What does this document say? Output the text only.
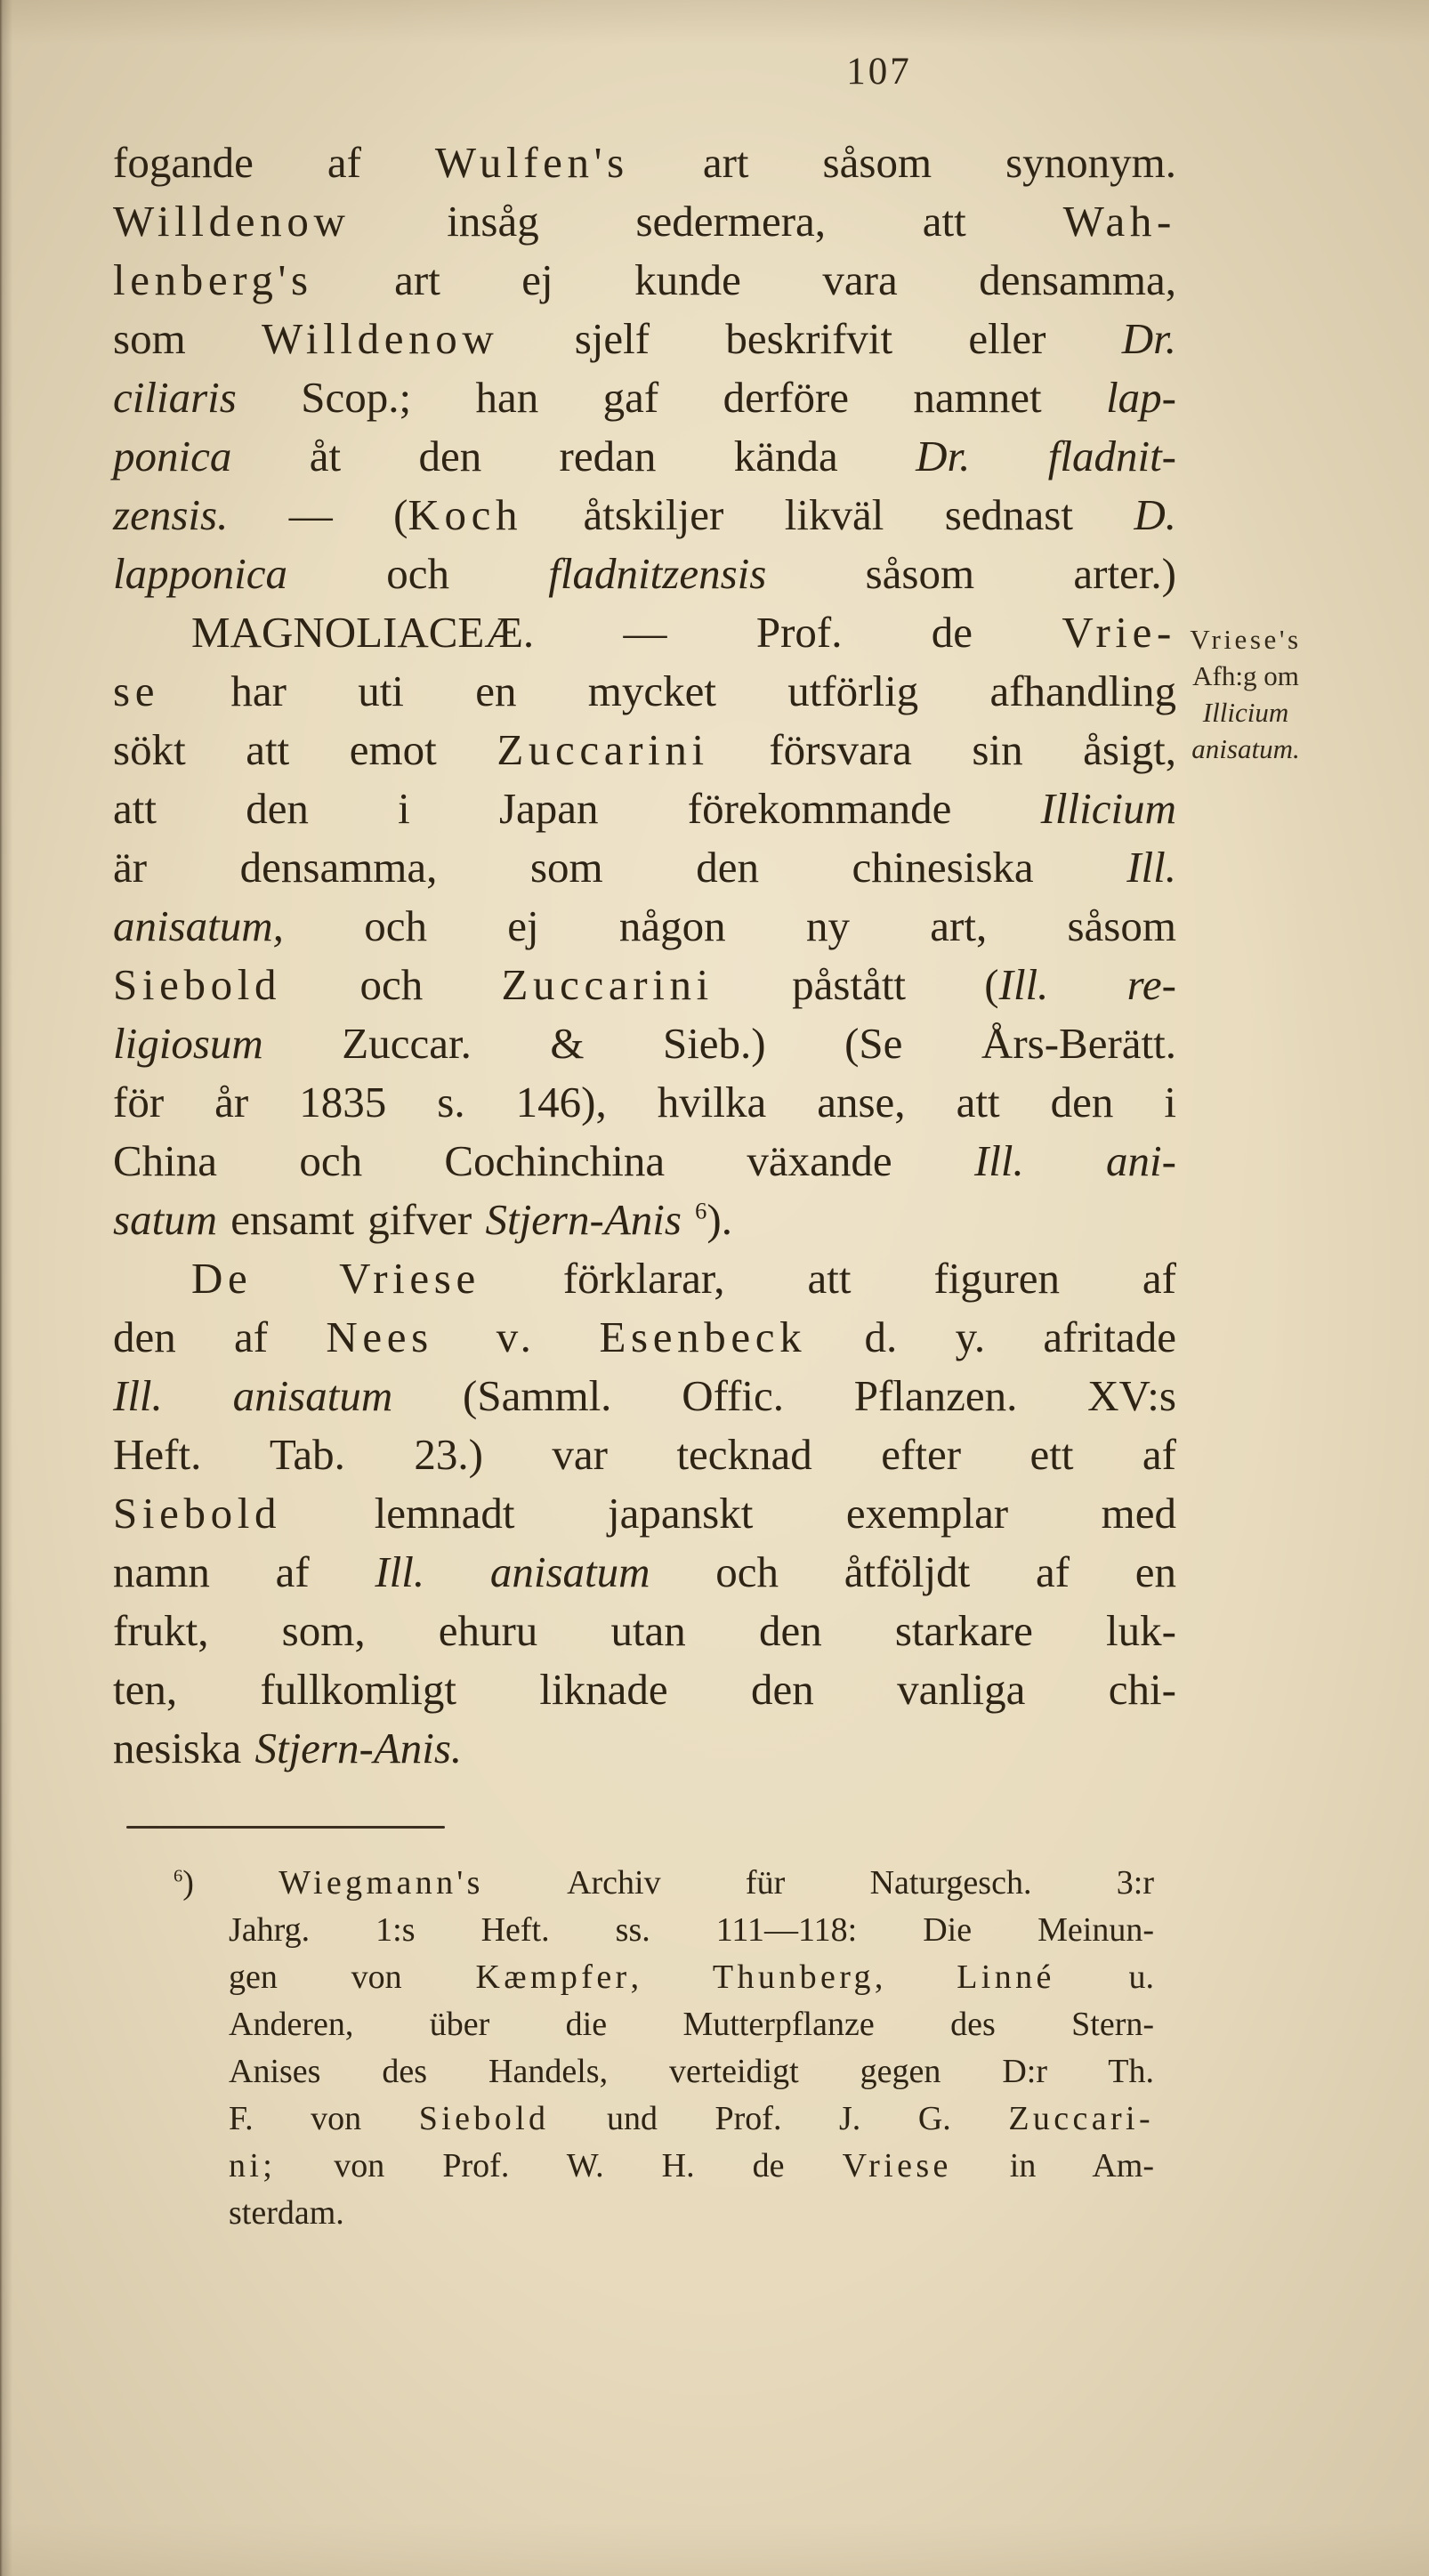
107
fogande af Wulfen's art såsom synonym.
Willdenow insåg sedermera, att Wah-
lenberg's art ej kunde vara densamma,
som Willdenow sjelf beskrifvit eller Dr.
ciliaris Scop.; han gaf derföre namnet lap-
ponica åt den redan kända Dr. fladnit-
zensis. — (Koch åtskiljer likväl sednast D.
lapponica och fladnitzensis såsom arter.)
MAGNOLIACEÆ. — Prof. de Vrie-
se har uti en mycket utförlig afhandling
sökt att emot Zuccarini försvara sin åsigt,
att den i Japan förekommande Illicium
är densamma, som den chinesiska Ill.
anisatum, och ej någon ny art, såsom
Siebold och Zuccarini påstått (Ill. re-
ligiosum Zuccar. & Sieb.) (Se Års-Berätt.
för år 1835 s. 146), hvilka anse, att den i
China och Cochinchina växande Ill. ani-
satum ensamt gifver Stjern-Anis $^6$).
De Vriese förklarar, att figuren af
den af Nees v. Esenbeck d. y. afritade
Ill. anisatum (Samml. Offic. Pflanzen. XV:s
Heft. Tab. 23.) var tecknad efter ett af
Siebold lemnadt japanskt exemplar med
namn af Ill. anisatum och åtföljdt af en
frukt, som, ehuru utan den starkare luk-
ten, fullkomligt liknade den vanliga chi-
nesiska Stjern-Anis.
Vriese's
Afh:g om
Illicium
anisatum.
$^6$) Wiegmann's Archiv für Naturgesch. 3:r
Jahrg. 1:s Heft. ss. 111—118: Die Meinun-
gen von Kæmpfer, Thunberg, Linné u.
Anderen, über die Mutterpflanze des Stern-
Anises des Handels, verteidigt gegen D:r Th.
F. von Siebold und Prof. J. G. Zuccari-
ni; von Prof. W. H. de Vriese in Am-
sterdam.
